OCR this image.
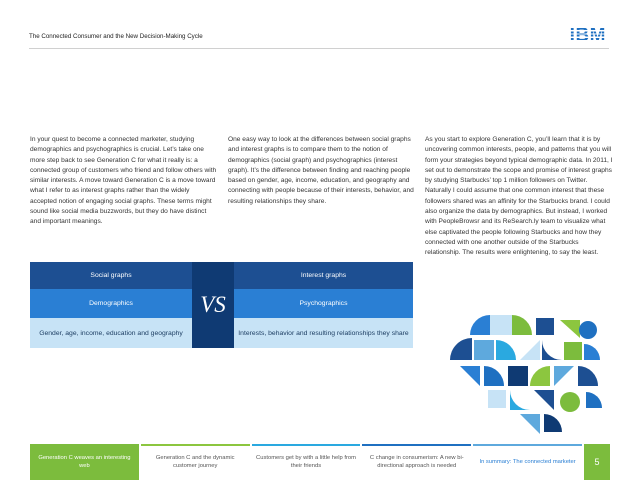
The Connected Consumer and the New Decision-Making Cycle	IBM

In your quest to become a connected marketer, studying demographics and psychographics is crucial. Let’s take one more step back to see Generation C for what it really is: a connected group of customers who friend and follow others with similar interests. A move toward Generation C is a move toward what I refer to as interest graphs rather than the widely accepted notion of engaging social graphs. These terms might sound like social media buzzwords, but they do have distinct and important meanings.

One easy way to look at the differences between social graphs and interest graphs is to compare them to the notion of demographics (social graph) and psychographics (interest graph). It’s the difference between finding and reaching people based on gender, age, income, education, and geography and connecting with people because of their interests, behavior, and resulting relationships they share.

As you start to explore Generation C, you’ll learn that it is by uncovering common interests, people, and patterns that you will form your strategies beyond typical demographic data. In 2011, I set out to demonstrate the scope and promise of interest graphs by studying Starbucks’ top 1 million followers on Twitter. Naturally I could assume that one common interest that these followers shared was an affinity for the Starbucks brand. I could also organize the data by demographics. But instead, I worked with PeopleBrowsr and its ReSearch.ly team to visualize what else captivated the people following Starbucks and how they connected with one another outside of the Starbucks relationship. The results were enlightening, to say the least.

Social graphs
Demographics
Gender, age, income, education and geography
VS
Interest graphs
Psychographics
Interests, behavior and resulting relationships they share
Generation C weaves an interesting web
Generation C and the dynamic customer journey
Customers get by with a little help from their friends
C change in consumerism: A new bi-directional approach is needed
In summary: The connected marketer	5
